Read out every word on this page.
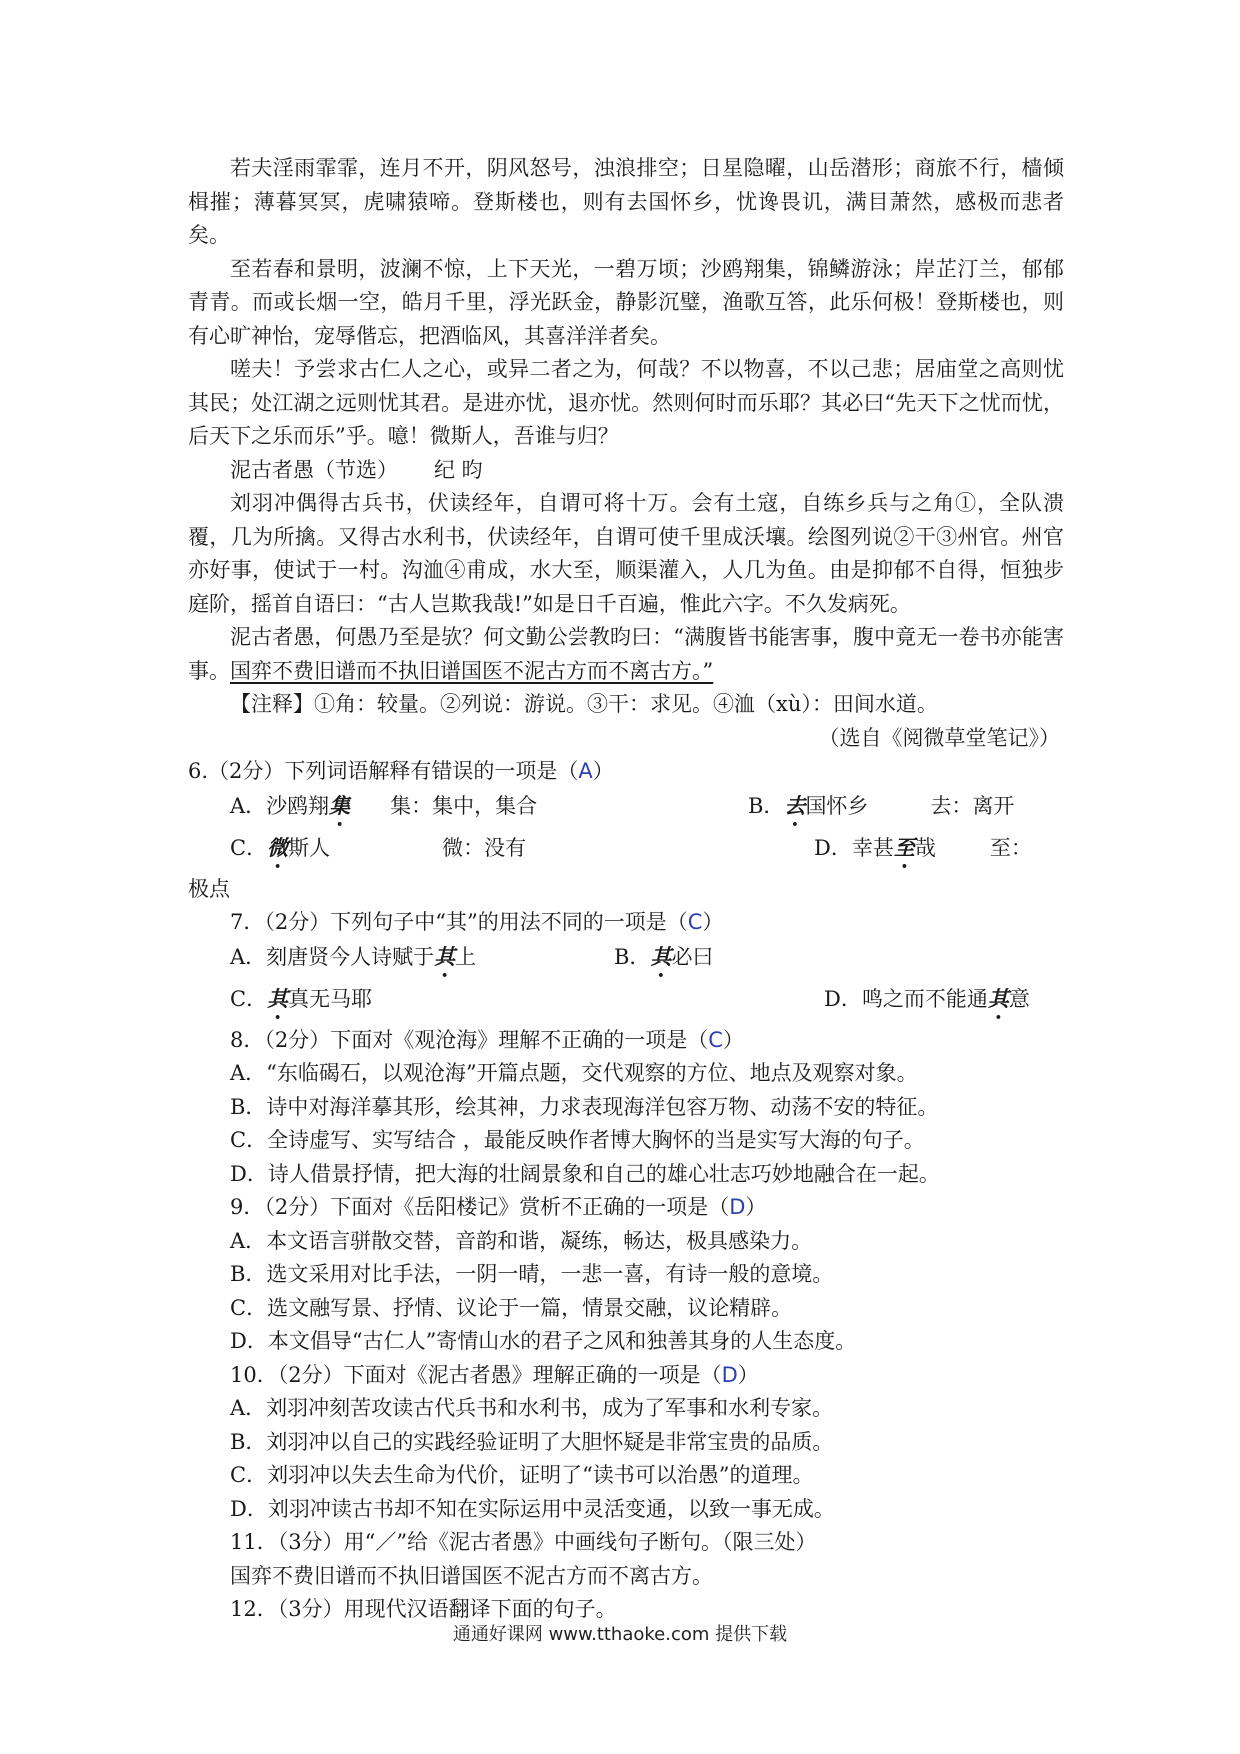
若夫淫雨霏霏，连月不开，阴风怒号，浊浪排空；日星隐曜，山岳潜形；商旅不行，樯倾楫摧；薄暮冥冥，虎啸猿啼。登斯楼也，则有去国怀乡，忧谗畏讥，满目萧然，感极而悲者矣。

至若春和景明，波澜不惊，上下天光，一碧万顷；沙鸥翔集，锦鳞游泳；岸芷汀兰，郁郁青青。而或长烟一空，皓月千里，浮光跃金，静影沉璧，渔歌互答，此乐何极！登斯楼也，则有心旷神怡，宠辱偕忘，把酒临风，其喜洋洋者矣。

嗟夫！予尝求古仁人之心，或异二者之为，何哉？不以物喜，不以己悲；居庙堂之高则忧其民；处江湖之远则忧其君。是进亦忧，退亦忧。然则何时而乐耶？其必曰“先天下之忧而忧，后天下之乐而乐”乎。噫！微斯人，吾谁与归？

泥古者愚（节选） 纪 昀

刘羽冲偶得古兵书，伏读经年，自谓可将十万。会有土寇，自练乡兵与之角①，全队溃覆，几为所擒。又得古水利书，伏读经年，自谓可使千里成沃壤。绘图列说②干③州官。州官亦好事，使试于一村。沟洫④甫成，水大至，顺渠灌入，人几为鱼。由是抑郁不自得，恒独步庭阶，摇首自语曰：“古人岂欺我哉!”如是日千百遍，惟此六字。不久发病死。

泥古者愚，何愚乃至是欤？何文勤公尝教昀曰：“满腹皆书能害事，腹中竟无一卷书亦能害事。国弈不费旧谱而不执旧谱国医不泥古方而不离古方。”

【注释】①角：较量。②列说：游说。③干：求见。④洫（xù）：田间水道。

（选自《阅微草堂笔记》）

6.（2分）下列词语解释有错误的一项是（A）

A．沙鸥翔集 集：集中，集合	B．去国怀乡	去：离开
C．微斯人	微：没有	D．幸甚至哉	至：

极点

7．（2分）下列句子中“其”的用法不同的一项是（C）

A．刻唐贤今人诗赋于其上	B．其必曰
C．其真无马耶	D．鸣之而不能通其意

8．（2分）下面对《观沧海》理解不正确的一项是（C）

A．“东临碣石，以观沧海”开篇点题，交代观察的方位、地点及观察对象。

B．诗中对海洋摹其形，绘其神，力求表现海洋包容万物、动荡不安的特征。

C．全诗虚写、实写结合 ，最能反映作者博大胸怀的当是实写大海的句子。

D．诗人借景抒情，把大海的壮阔景象和自己的雄心壮志巧妙地融合在一起。

9．（2分）下面对《岳阳楼记》赏析不正确的一项是（D）

A．本文语言骈散交替，音韵和谐，凝练，畅达，极具感染力。

B．选文采用对比手法，一阴一晴，一悲一喜，有诗一般的意境。

C．选文融写景、抒情、议论于一篇，情景交融，议论精辟。

D．本文倡导“古仁人”寄情山水的君子之风和独善其身的人生态度。

10．（2分）下面对《泥古者愚》理解正确的一项是（D）

A．刘羽冲刻苦攻读古代兵书和水利书，成为了军事和水利专家。

B．刘羽冲以自己的实践经验证明了大胆怀疑是非常宝贵的品质。

C．刘羽冲以失去生命为代价，证明了“读书可以治愚”的道理。

D．刘羽冲读古书却不知在实际运用中灵活变通，以致一事无成。

11．（3分）用“／”给《泥古者愚》中画线句子断句。（限三处）

国弈不费旧谱而不执旧谱国医不泥古方而不离古方。

12．（3分）用现代汉语翻译下面的句子。

通通好课网 www.tthaoke.com 提供下载
